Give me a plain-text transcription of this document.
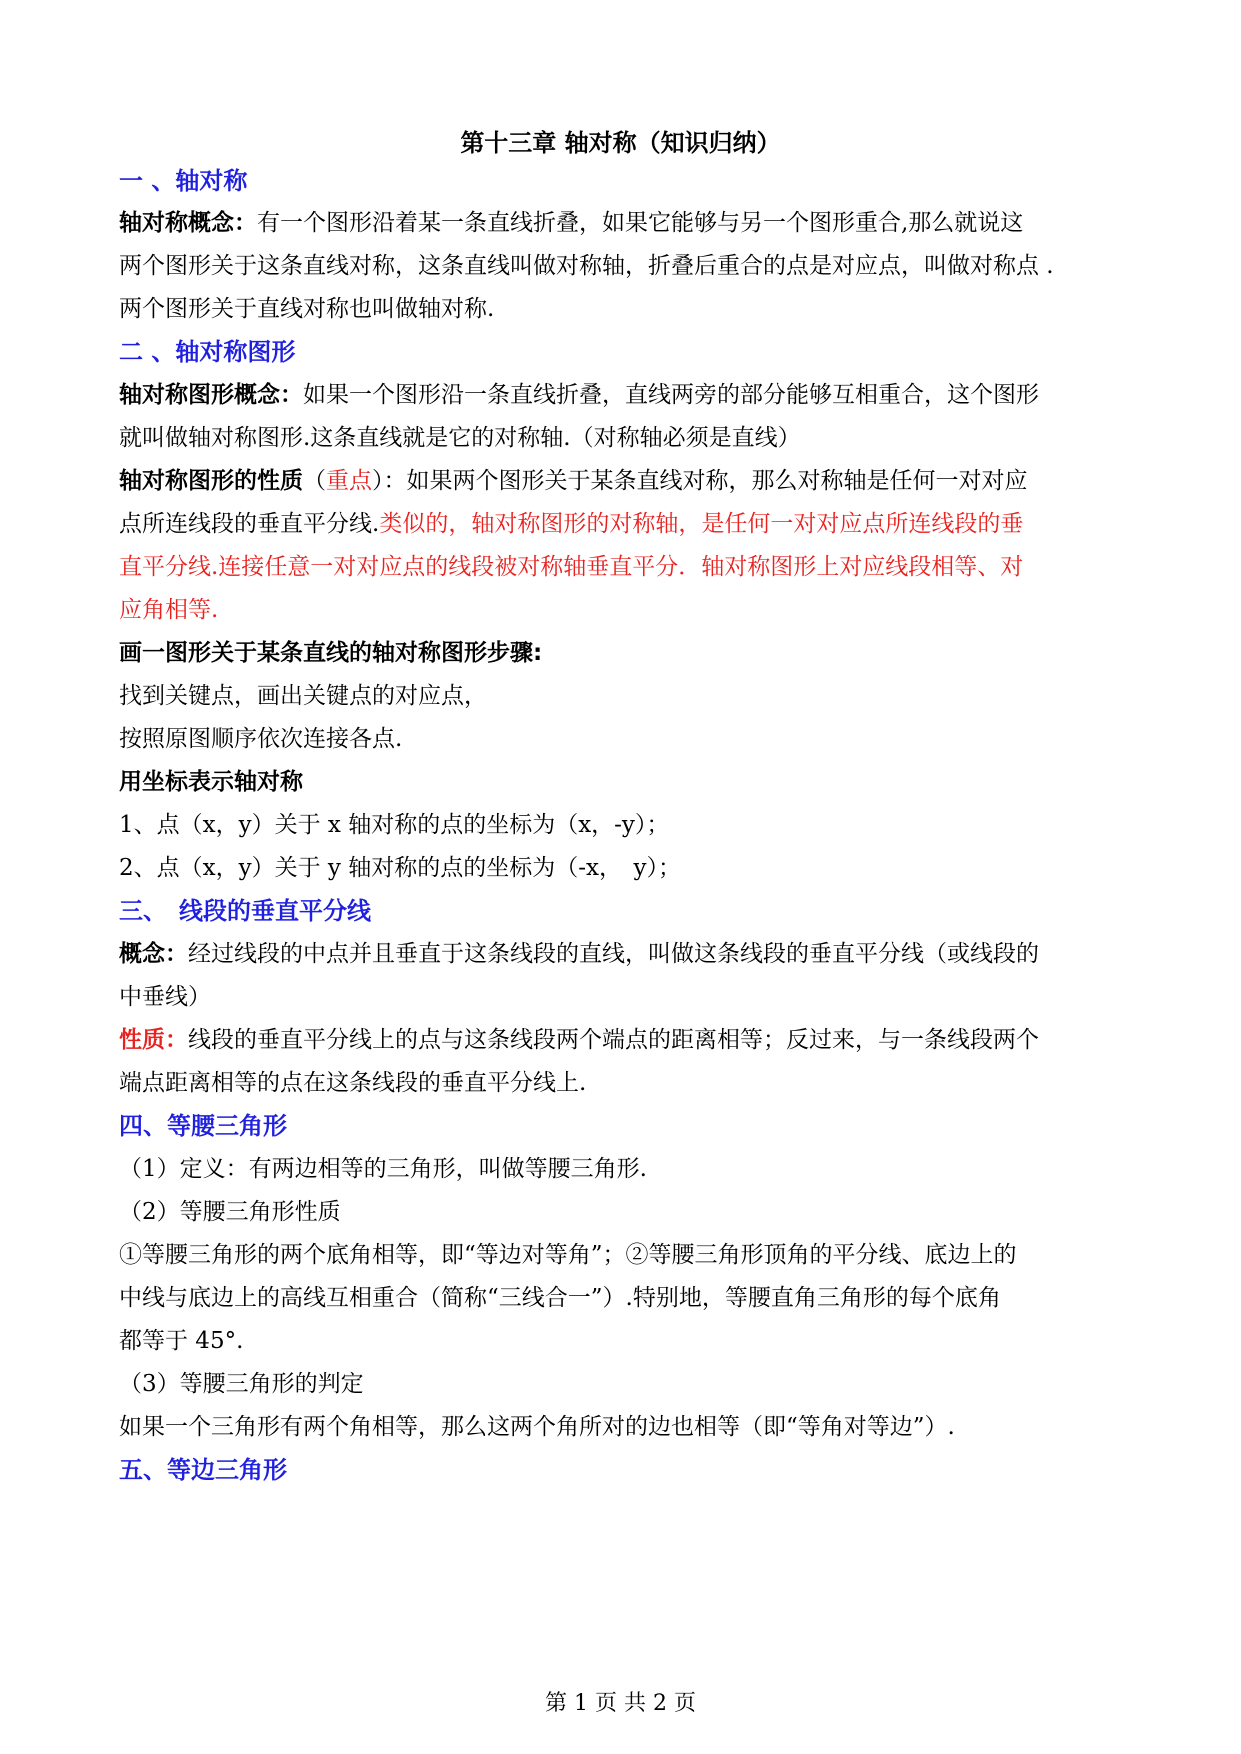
第十三章 轴对称（知识归纳）
一 、轴对称
轴对称概念：有一个图形沿着某一条直线折叠，如果它能够与另一个图形重合,那么就说这
两个图形关于这条直线对称，这条直线叫做对称轴，折叠后重合的点是对应点，叫做对称点 .
两个图形关于直线对称也叫做轴对称.
二 、轴对称图形
轴对称图形概念：如果一个图形沿一条直线折叠，直线两旁的部分能够互相重合，这个图形
就叫做轴对称图形.这条直线就是它的对称轴.（对称轴必须是直线）
轴对称图形的性质（重点）：如果两个图形关于某条直线对称，那么对称轴是任何一对对应
点所连线段的垂直平分线.类似的，轴对称图形的对称轴，是任何一对对应点所连线段的垂
直平分线.连接任意一对对应点的线段被对称轴垂直平分．轴对称图形上对应线段相等、对
应角相等.
画一图形关于某条直线的轴对称图形步骤:
找到关键点，画出关键点的对应点，
按照原图顺序依次连接各点.
用坐标表示轴对称
1、点（x，y）关于 x 轴对称的点的坐标为（x，-y）；
2、点（x，y）关于 y 轴对称的点的坐标为（-x，　y）；
三、　线段的垂直平分线
概念：经过线段的中点并且垂直于这条线段的直线，叫做这条线段的垂直平分线（或线段的
中垂线）
性质：线段的垂直平分线上的点与这条线段两个端点的距离相等；反过来，与一条线段两个
端点距离相等的点在这条线段的垂直平分线上.
四、等腰三角形
（1）定义：有两边相等的三角形，叫做等腰三角形.
（2）等腰三角形性质
①等腰三角形的两个底角相等，即“等边对等角”；②等腰三角形顶角的平分线、底边上的
中线与底边上的高线互相重合（简称“三线合一”）.特别地，等腰直角三角形的每个底角
都等于 45°.
（3）等腰三角形的判定
如果一个三角形有两个角相等，那么这两个角所对的边也相等（即“等角对等边”）.
五、等边三角形
第 1 页 共 2 页
